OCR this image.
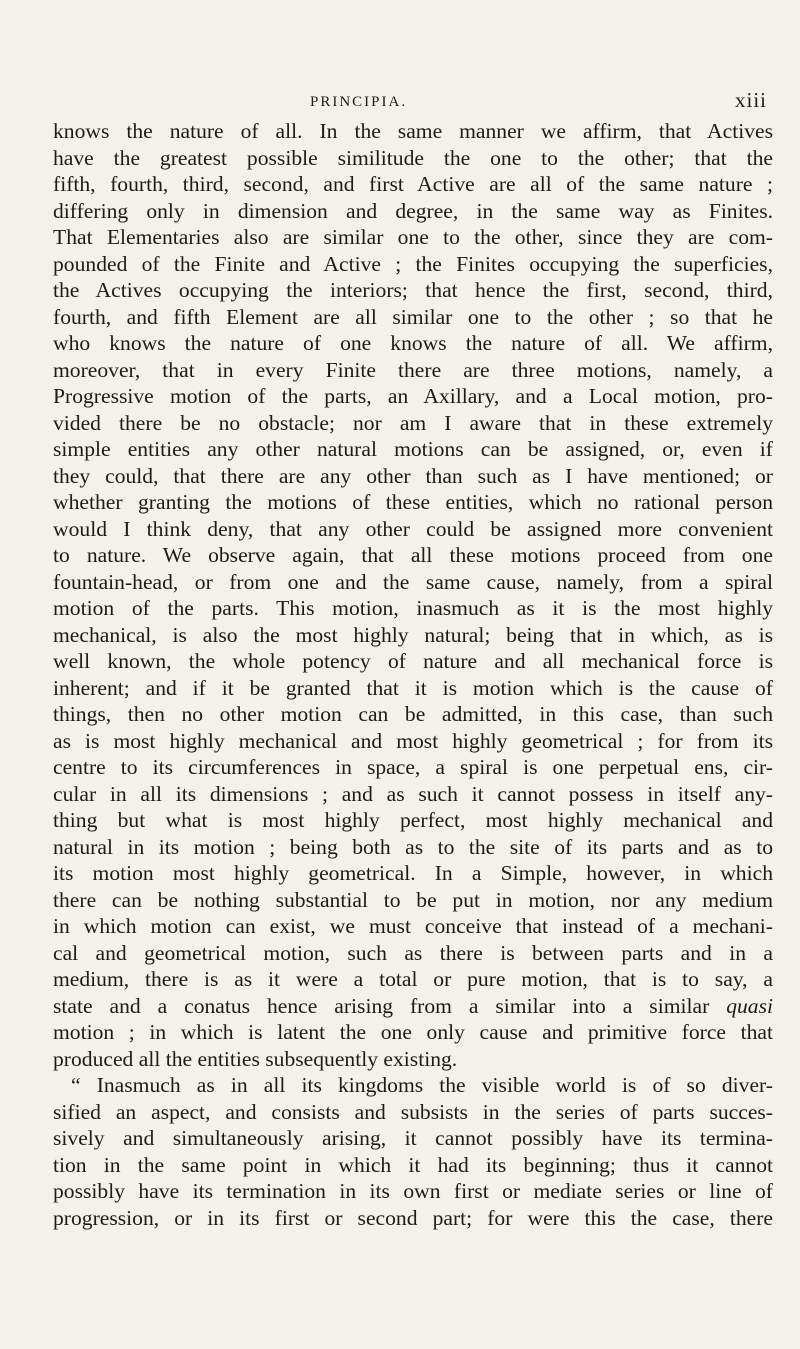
PRINCIPIA.	xiii
knows the nature of all. In the same manner we affirm, that Actives
have the greatest possible similitude the one to the other; that the
fifth, fourth, third, second, and first Active are all of the same nature ;
differing only in dimension and degree, in the same way as Finites.
That Elementaries also are similar one to the other, since they are com-
pounded of the Finite and Active ; the Finites occupying the superficies,
the Actives occupying the interiors; that hence the first, second, third,
fourth, and fifth Element are all similar one to the other ; so that he
who knows the nature of one knows the nature of all. We affirm,
moreover, that in every Finite there are three motions, namely, a
Progressive motion of the parts, an Axillary, and a Local motion, pro-
vided there be no obstacle; nor am I aware that in these extremely
simple entities any other natural motions can be assigned, or, even if
they could, that there are any other than such as I have mentioned; or
whether granting the motions of these entities, which no rational person
would I think deny, that any other could be assigned more convenient
to nature. We observe again, that all these motions proceed from one
fountain-head, or from one and the same cause, namely, from a spiral
motion of the parts. This motion, inasmuch as it is the most highly
mechanical, is also the most highly natural; being that in which, as is
well known, the whole potency of nature and all mechanical force is
inherent; and if it be granted that it is motion which is the cause of
things, then no other motion can be admitted, in this case, than such
as is most highly mechanical and most highly geometrical ; for from its
centre to its circumferences in space, a spiral is one perpetual ens, cir-
cular in all its dimensions ; and as such it cannot possess in itself any-
thing but what is most highly perfect, most highly mechanical and
natural in its motion ; being both as to the site of its parts and as to
its motion most highly geometrical. In a Simple, however, in which
there can be nothing substantial to be put in motion, nor any medium
in which motion can exist, we must conceive that instead of a mechani-
cal and geometrical motion, such as there is between parts and in a
medium, there is as it were a total or pure motion, that is to say, a
state and a conatus hence arising from a similar into a similar quasi
motion ; in which is latent the one only cause and primitive force that
produced all the entities subsequently existing.
“ Inasmuch as in all its kingdoms the visible world is of so diver-
sified an aspect, and consists and subsists in the series of parts succes-
sively and simultaneously arising, it cannot possibly have its termina-
tion in the same point in which it had its beginning; thus it cannot
possibly have its termination in its own first or mediate series or line of
progression, or in its first or second part; for were this the case, there
